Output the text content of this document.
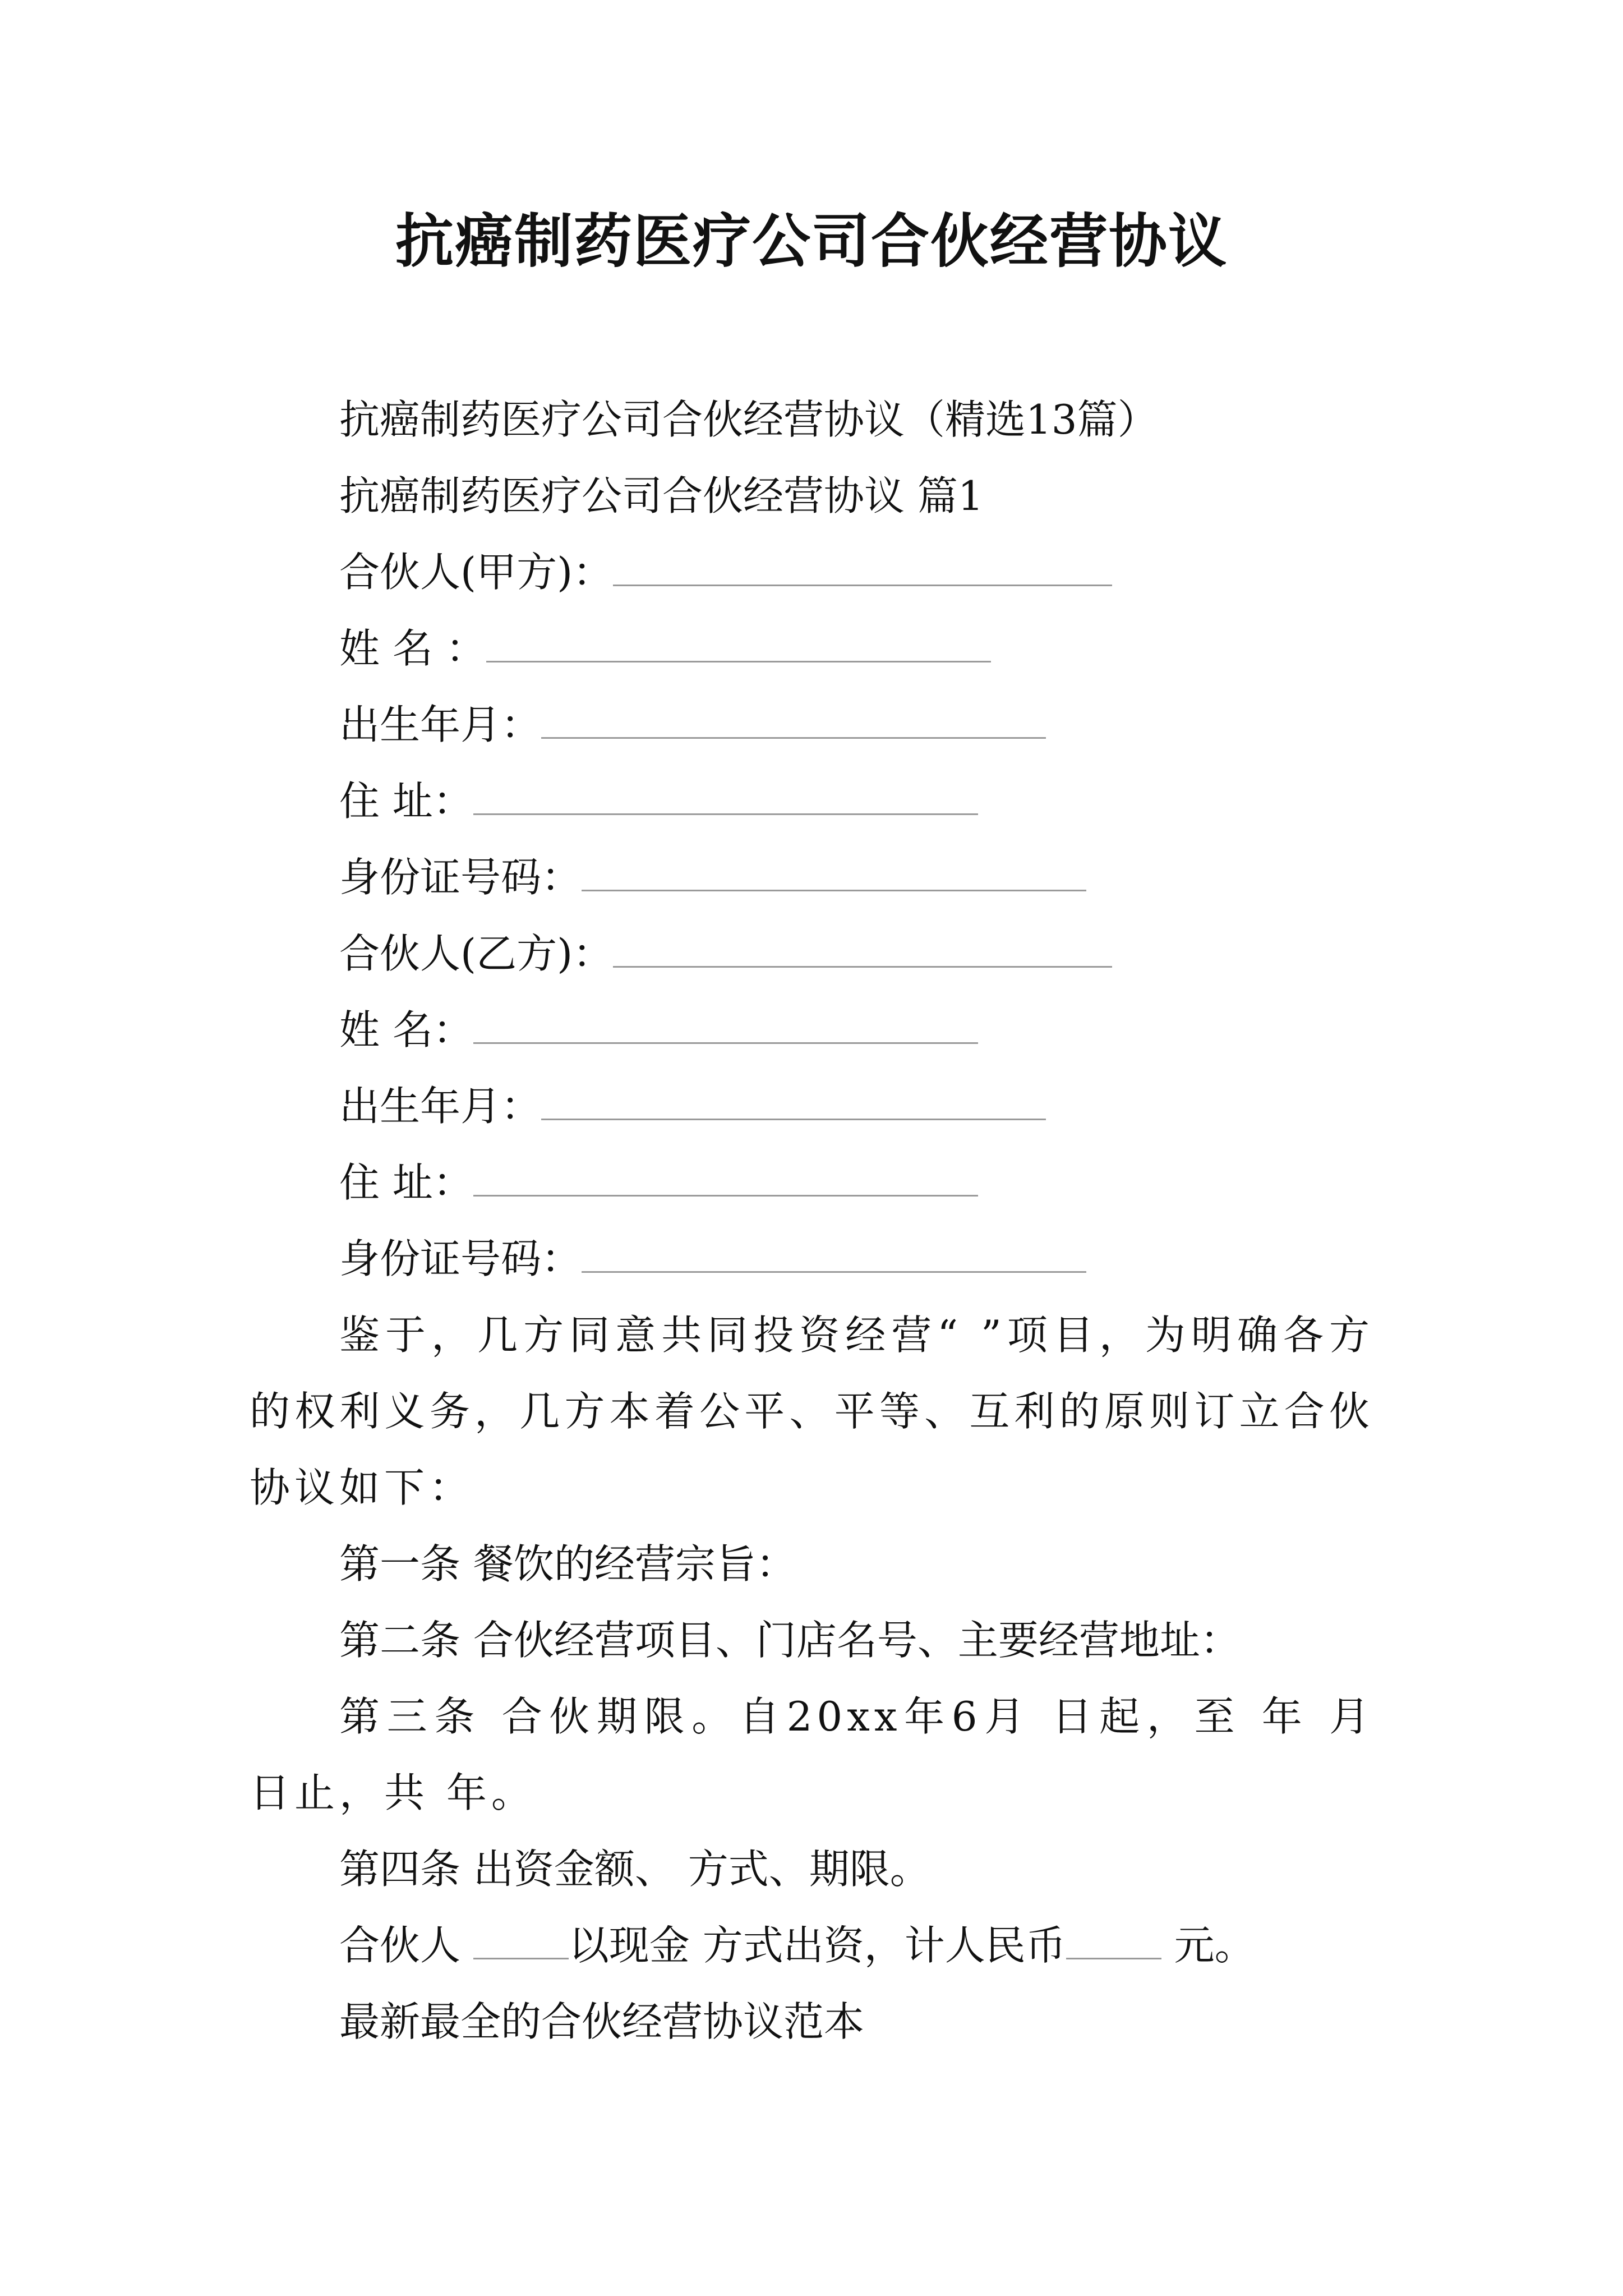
抗癌制药医疗公司合伙经营协议
抗癌制药医疗公司合伙经营协议（精选13篇）
抗癌制药医疗公司合伙经营协议 篇1
合伙人(甲方)：
姓 名 ：
出生年月：
住 址：
身份证号码：
合伙人(乙方)：
姓 名：
出生年月：
住 址：
身份证号码：
鉴于，几方同意共同投资经营“ ”项目，为明确各方的权利义务，几方本着公平、平等、互利的原则订立合伙协议如下：
第一条 餐饮的经营宗旨：
第二条 合伙经营项目、门店名号、主要经营地址：
第三条 合伙期限。自20xx年6月 日起，至 年 月 日止，共 年。
第四条 出资金额、 方式、期限。
合伙人 以现金 方式出资，计人民币 元。
最新最全的合伙经营协议范本
